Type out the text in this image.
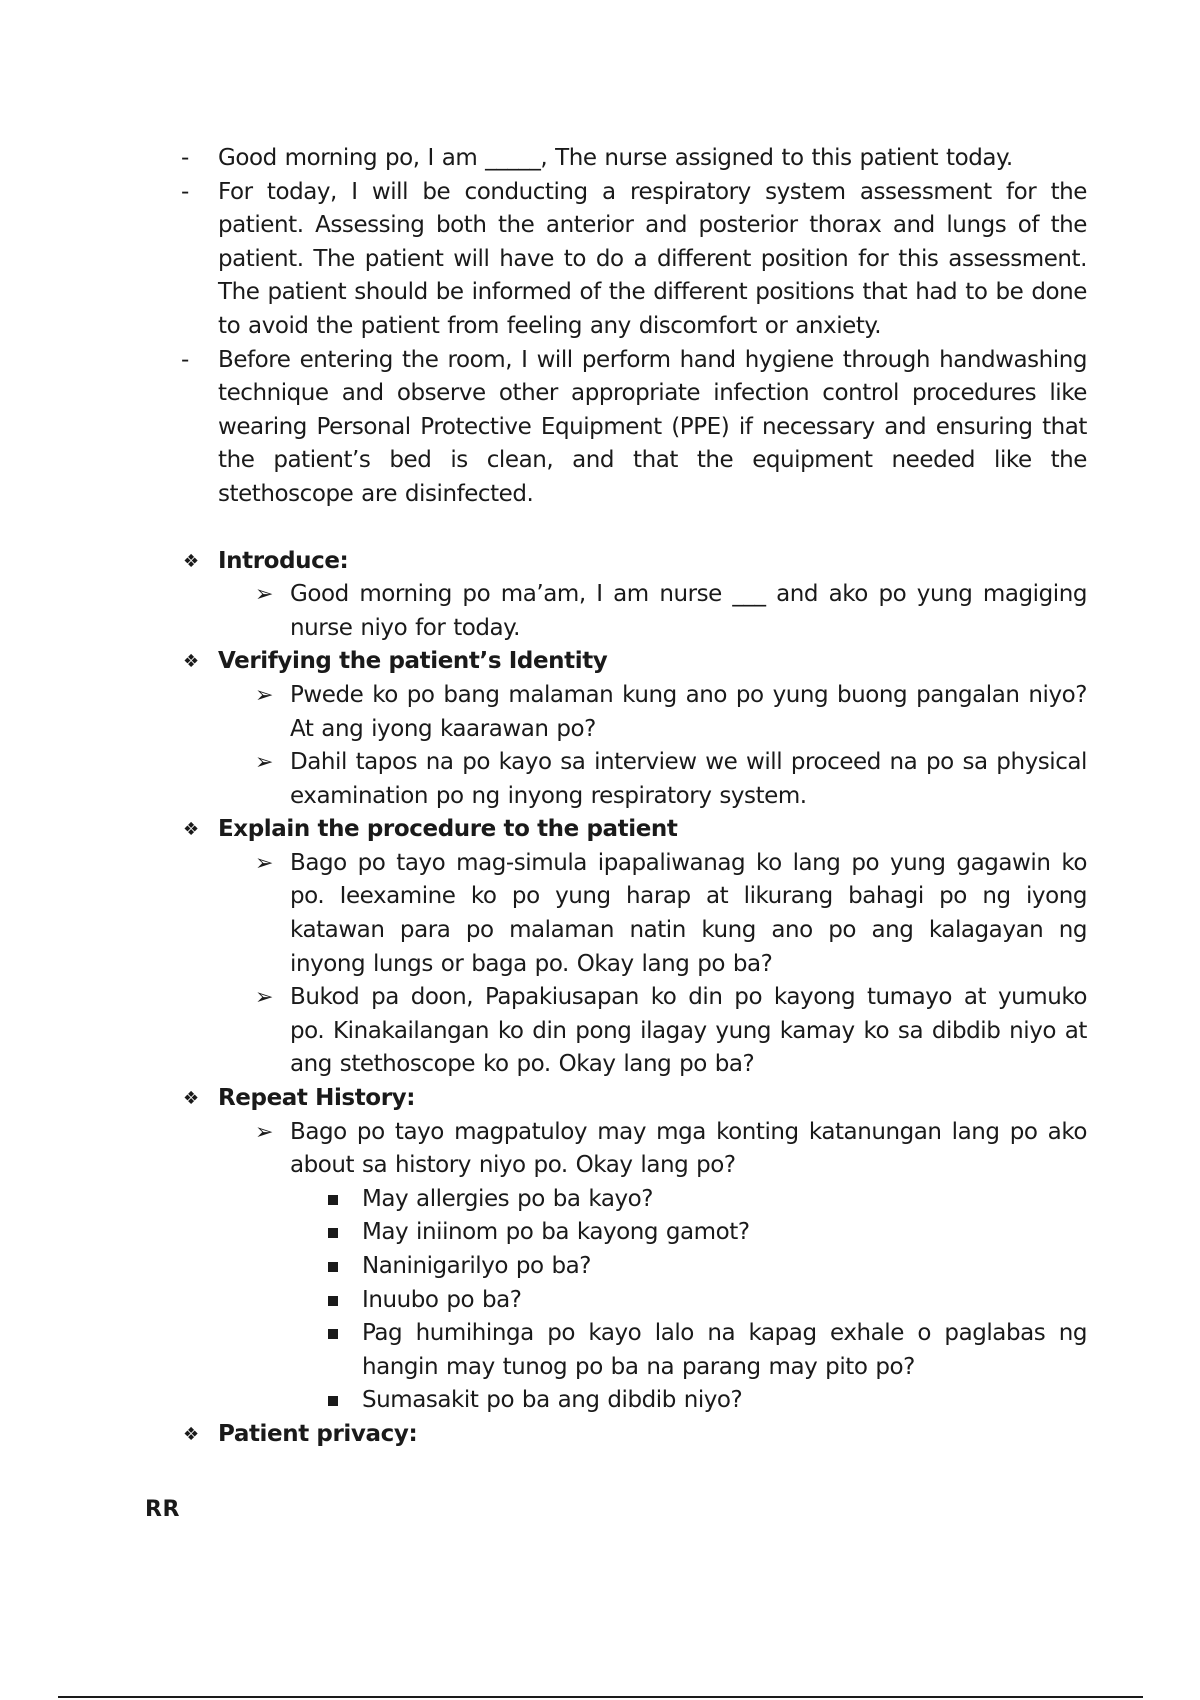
- Good morning po, I am _____, The nurse assigned to this patient today.

- For today, I will be conducting a respiratory system assessment for the patient. Assessing both the anterior and posterior thorax and lungs of the patient. The patient will have to do a different position for this assessment. The patient should be informed of the different positions that had to be done to avoid the patient from feeling any discomfort or anxiety.

- Before entering the room, I will perform hand hygiene through handwashing technique and observe other appropriate infection control procedures like wearing Personal Protective Equipment (PPE) if necessary and ensuring that the patient’s bed is clean, and that the equipment needed like the stethoscope are disinfected.

❖ Introduce:
➢ Good morning po ma’am, I am nurse ___ and ako po yung magiging nurse niyo for today.

❖ Verifying the patient’s Identity
➢ Pwede ko po bang malaman kung ano po yung buong pangalan niyo? At ang iyong kaarawan po?

➢ Dahil tapos na po kayo sa interview we will proceed na po sa physical examination po ng inyong respiratory system.

❖ Explain the procedure to the patient
➢ Bago po tayo mag-simula ipapaliwanag ko lang po yung gagawin ko po. Ieexamine ko po yung harap at likurang bahagi po ng iyong katawan para po malaman natin kung ano po ang kalagayan ng inyong lungs or baga po. Okay lang po ba?

➢ Bukod pa doon, Papakiusapan ko din po kayong tumayo at yumuko po. Kinakailangan ko din pong ilagay yung kamay ko sa dibdib niyo at ang stethoscope ko po. Okay lang po ba?

❖ Repeat History:
➢ Bago po tayo magpatuloy may mga konting katanungan lang po ako about sa history niyo po. Okay lang po?

May allergies po ba kayo?

May iniinom po ba kayong gamot?

Naninigarilyo po ba?

Inuubo po ba?

Pag humihinga po kayo lalo na kapag exhale o paglabas ng hangin may tunog po ba na parang may pito po?

Sumasakit po ba ang dibdib niyo?

❖ Patient privacy:
RR
